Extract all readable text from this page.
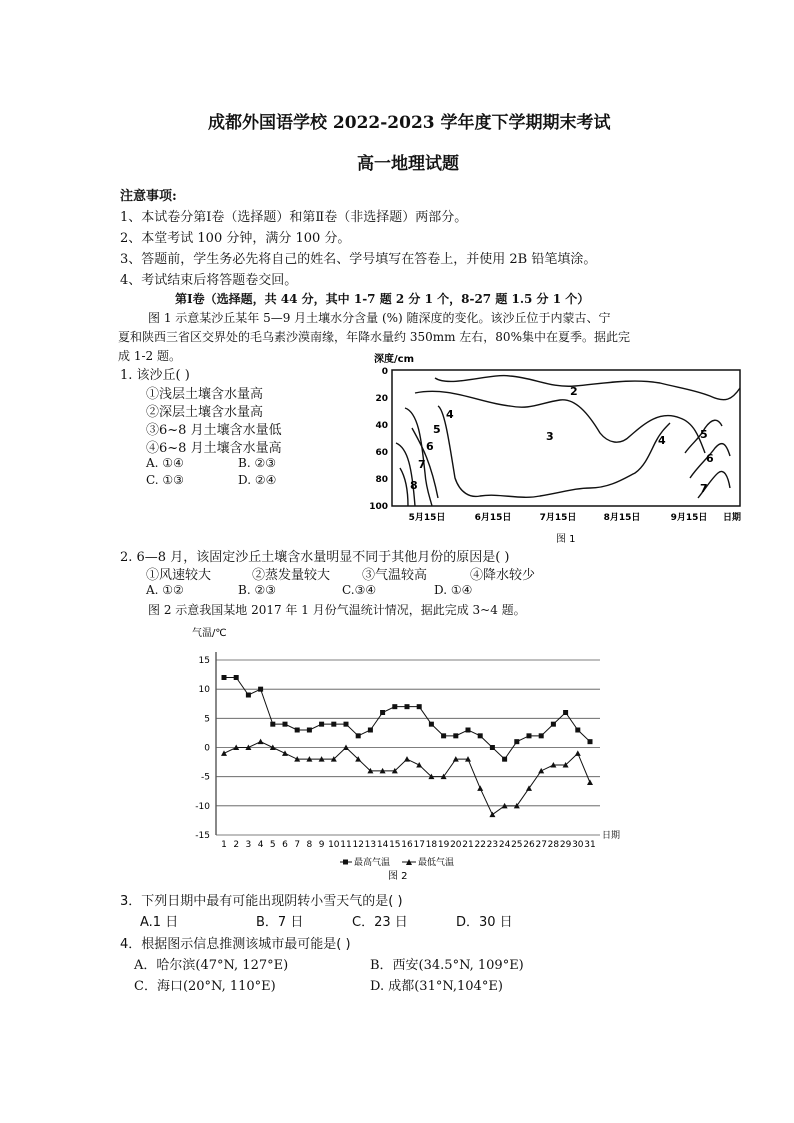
成都外国语学校 2022-2023 学年度下学期期末考试
高一地理试题
注意事项:
1、本试卷分第Ⅰ卷（选择题）和第Ⅱ卷（非选择题）两部分。
2、本堂考试 100 分钟，满分 100 分。
3、答题前，学生务必先将自己的姓名、学号填写在答卷上，并使用 2B 铅笔填涂。
4、考试结束后将答题卷交回。
第Ⅰ卷（选择题，共 44 分，其中 1-7 题 2 分 1 个，8-27 题 1.5 分 1 个）
图 1 示意某沙丘某年 5—9 月土壤水分含量 (%) 随深度的变化。该沙丘位于内蒙古、宁
夏和陕西三省区交界处的毛乌素沙漠南缘，年降水量约 350mm 左右，80%集中在夏季。据此完
成 1-2 题。
1. 该沙丘( )
①浅层土壤含水量高
②深层土壤含水量高
③6~8 月土壤含水量低
④6~8 月土壤含水量高
A. ①④	B. ②③
C. ①③	D. ②④
深度/cm
0
20
40
60
80
100
5月15日	6月15日	7月15日	8月15日	9月15日 日期
2
3
4
4
5	5
6
6
7
7
8
图 1
2. 6—8 月，该固定沙丘土壤含水量明显不同于其他月份的原因是( )
①风速较大	②蒸发量较大 ③气温较高	④降水较少
A. ①②	B. ②③	C.③④	D. ①④
图 2 示意我国某地 2017 年 1 月份气温统计情况，据此完成 3~4 题。
气温/℃
15
10
5
0
-5
-10
-15
1 2 3 4 5 6 7 8 9 10 11 12 13 14 15 16 17 18 19 20 21 22 23 24 25 26 27 28 29 30 31
日期
最高气温	最低气温
图 2
3．下列日期中最有可能出现阴转小雪天气的是( )
A.1 日	B．7 日	C．23 日	D．30 日
4．根据图示信息推测该城市最可能是( )
A．哈尔滨(47°N, 127°E)	B．西安(34.5°N, 109°E)
C．海口(20°N, 110°E)	D. 成都(31°N,104°E)
